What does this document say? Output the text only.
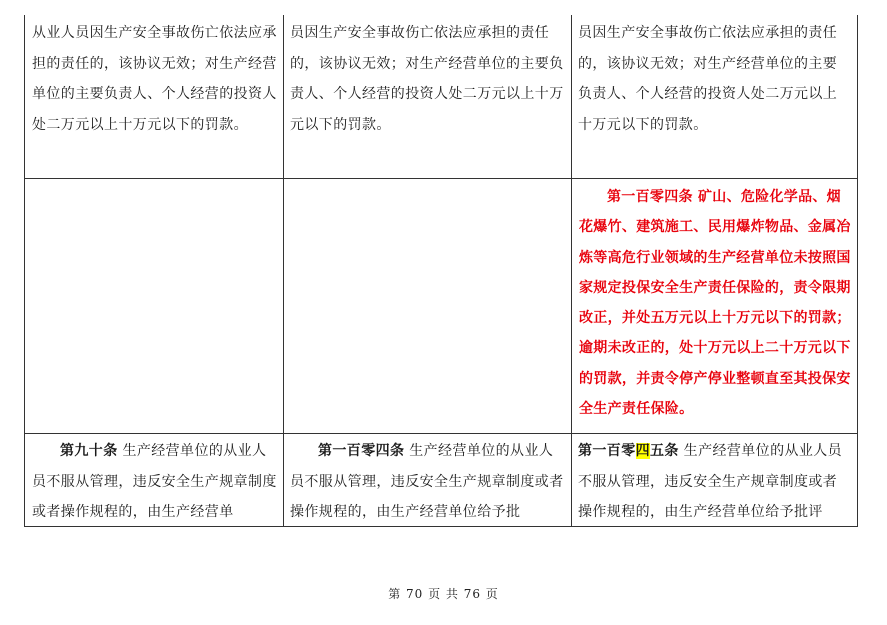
从业人员因生产安全事故伤亡依法应承担的责任的，该协议无效；对生产经营单位的主要负责人、个人经营的投资人处二万元以上十万元以下的罚款。
员因生产安全事故伤亡依法应承担的责任的，该协议无效；对生产经营单位的主要负责人、个人经营的投资人处二万元以上十万元以下的罚款。
员因生产安全事故伤亡依法应承担的责任的，该协议无效；对生产经营单位的主要负责人、个人经营的投资人处二万元以上十万元以下的罚款。
第一百零四条 矿山、危险化学品、烟花爆竹、建筑施工、民用爆炸物品、金属冶炼等高危行业领域的生产经营单位未按照国家规定投保安全生产责任保险的，责令限期改正，并处五万元以上十万元以下的罚款；逾期未改正的，处十万元以上二十万元以下的罚款，并责令停产停业整顿直至其投保安全生产责任保险。
第九十条 生产经营单位的从业人员不服从管理，违反安全生产规章制度或者操作规程的，由生产经营单
第一百零四条 生产经营单位的从业人员不服从管理，违反安全生产规章制度或者操作规程的，由生产经营单位给予批
第一百零四五条 生产经营单位的从业人员不服从管理，违反安全生产规章制度或者操作规程的，由生产经营单位给予批评
第 70 页 共 76 页
